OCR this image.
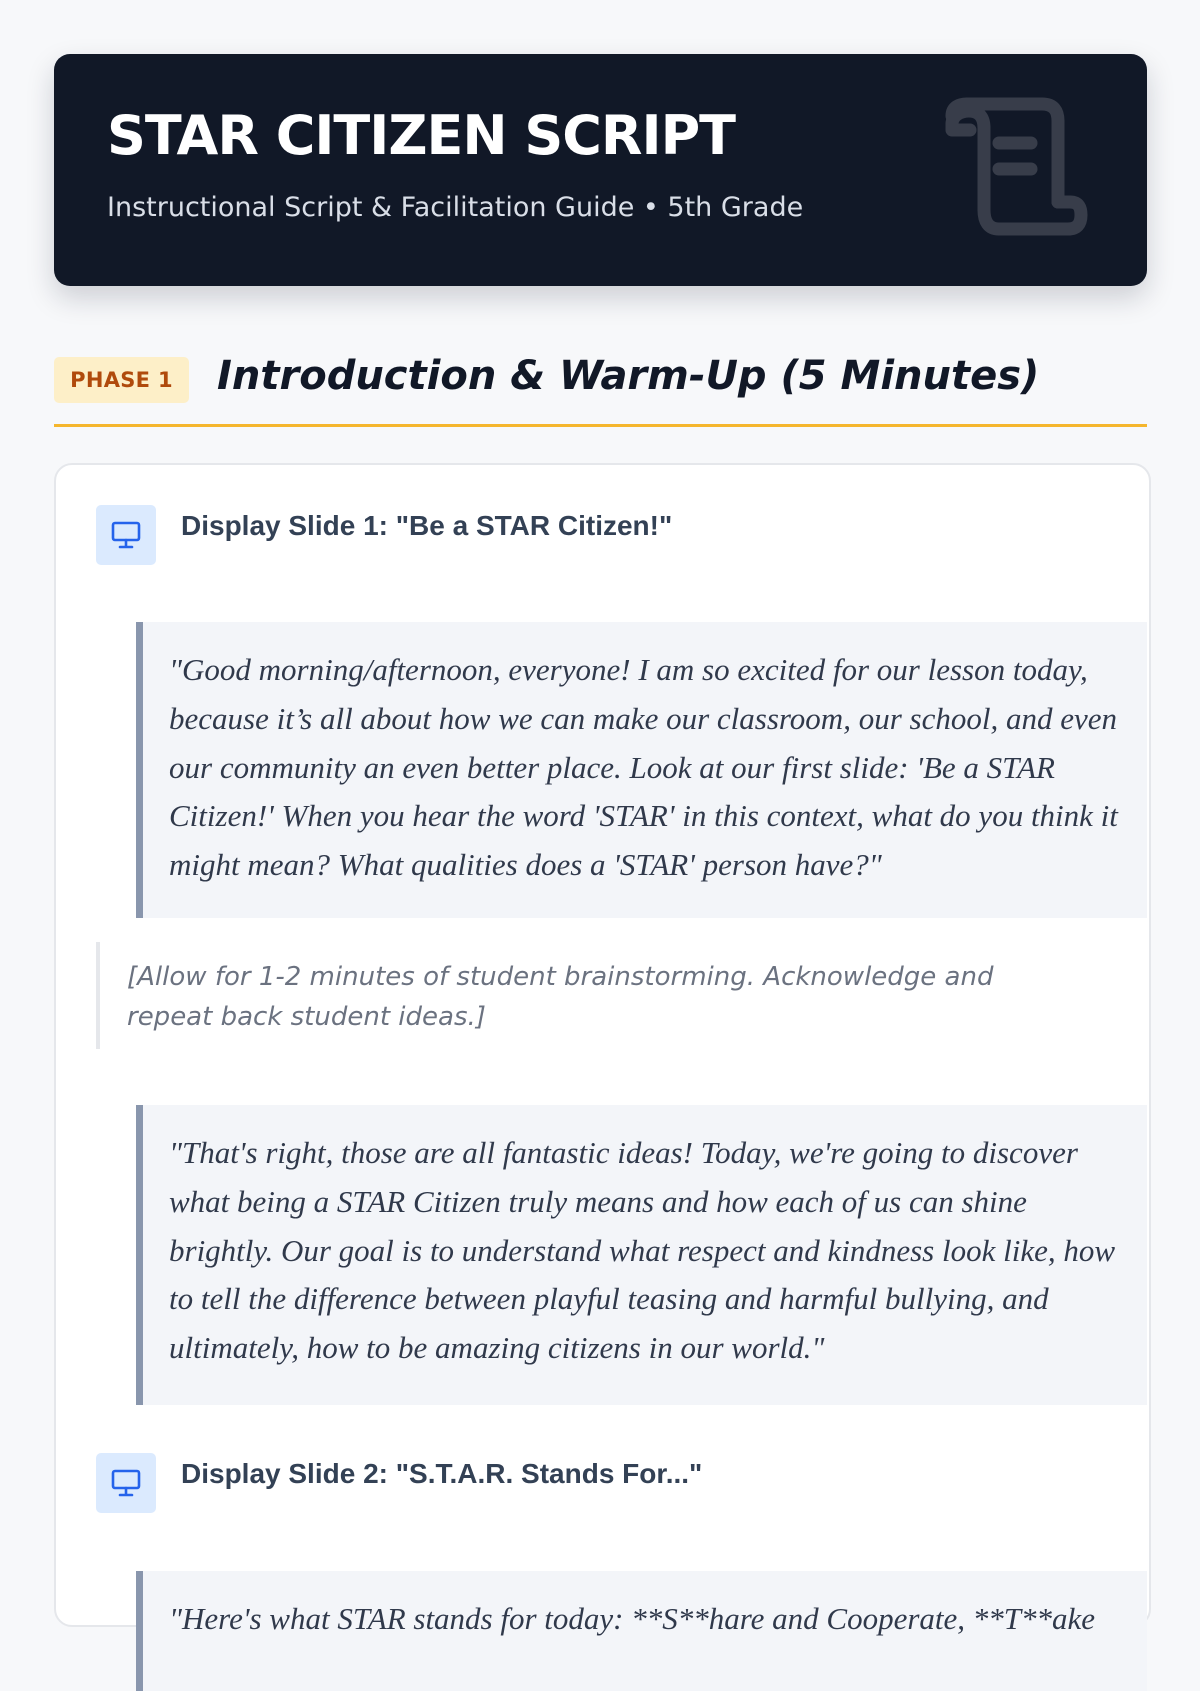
STAR CITIZEN SCRIPT

Instructional Script & Facilitation Guide • 5th Grade

PHASE 1	Introduction & Warm-Up (5 Minutes)
Display Slide 1: "Be a STAR Citizen!"

"Good morning/afternoon, everyone! I am so excited for our lesson today, because it’s all about how we can make our classroom, our school, and even our community an even better place. Look at our first slide: 'Be a STAR Citizen!' When you hear the word 'STAR' in this context, what do you think it might mean? What qualities does a 'STAR' person have?"

[Allow for 1-2 minutes of student brainstorming. Acknowledge and repeat back student ideas.]

"That's right, those are all fantastic ideas! Today, we're going to discover what being a STAR Citizen truly means and how each of us can shine brightly. Our goal is to understand what respect and kindness look like, how to tell the difference between playful teasing and harmful bullying, and ultimately, how to be amazing citizens in our world."

Display Slide 2: "S.T.A.R. Stands For..."

"Here's what STAR stands for today: **S**hare and Cooperate, **T**ake
